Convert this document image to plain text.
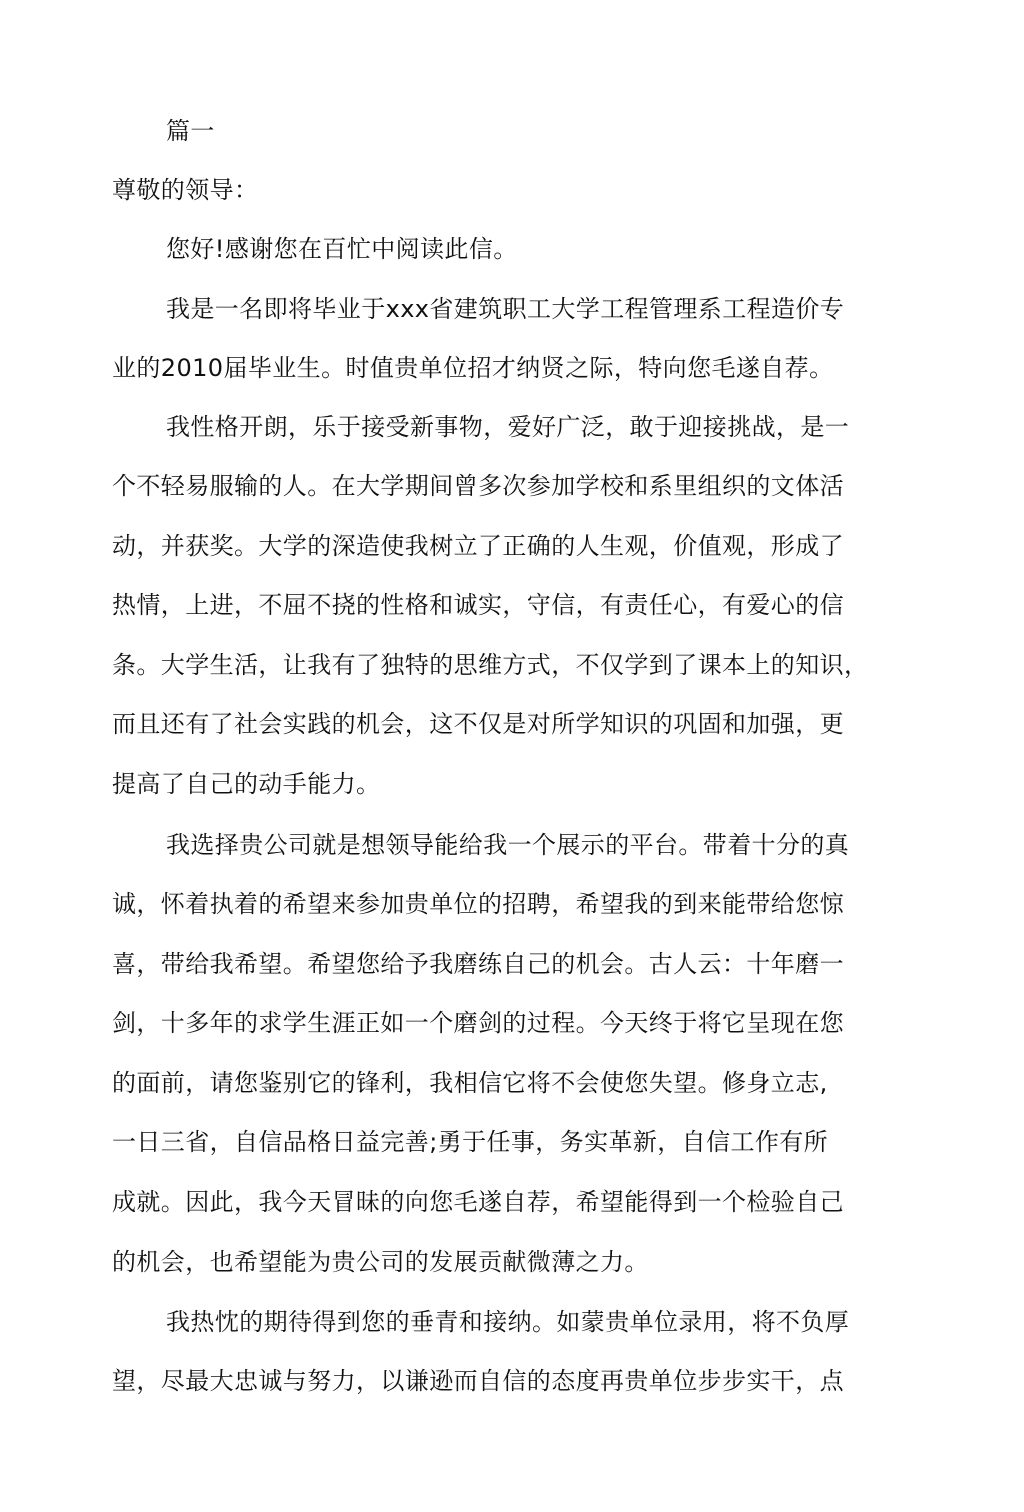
篇一

尊敬的领导：

您好!感谢您在百忙中阅读此信。

我是一名即将毕业于xxx省建筑职工大学工程管理系工程造价专

业的2010届毕业生。时值贵单位招才纳贤之际，特向您毛遂自荐。

我性格开朗，乐于接受新事物，爱好广泛，敢于迎接挑战，是一

个不轻易服输的人。在大学期间曾多次参加学校和系里组织的文体活

动，并获奖。大学的深造使我树立了正确的人生观，价值观，形成了

热情，上进，不屈不挠的性格和诚实，守信，有责任心，有爱心的信

条。大学生活，让我有了独特的思维方式，不仅学到了课本上的知识，

而且还有了社会实践的机会，这不仅是对所学知识的巩固和加强，更

提高了自己的动手能力。

我选择贵公司就是想领导能给我一个展示的平台。带着十分的真

诚，怀着执着的希望来参加贵单位的招聘，希望我的到来能带给您惊

喜，带给我希望。希望您给予我磨练自己的机会。古人云：十年磨一

剑，十多年的求学生涯正如一个磨剑的过程。今天终于将它呈现在您

的面前，请您鉴别它的锋利，我相信它将不会使您失望。修身立志,

一日三省，自信品格日益完善;勇于任事，务实革新，自信工作有所

成就。因此，我今天冒昧的向您毛遂自荐，希望能得到一个检验自己

的机会，也希望能为贵公司的发展贡献微薄之力。

我热忱的期待得到您的垂青和接纳。如蒙贵单位录用，将不负厚

望，尽最大忠诚与努力，以谦逊而自信的态度再贵单位步步实干，点
